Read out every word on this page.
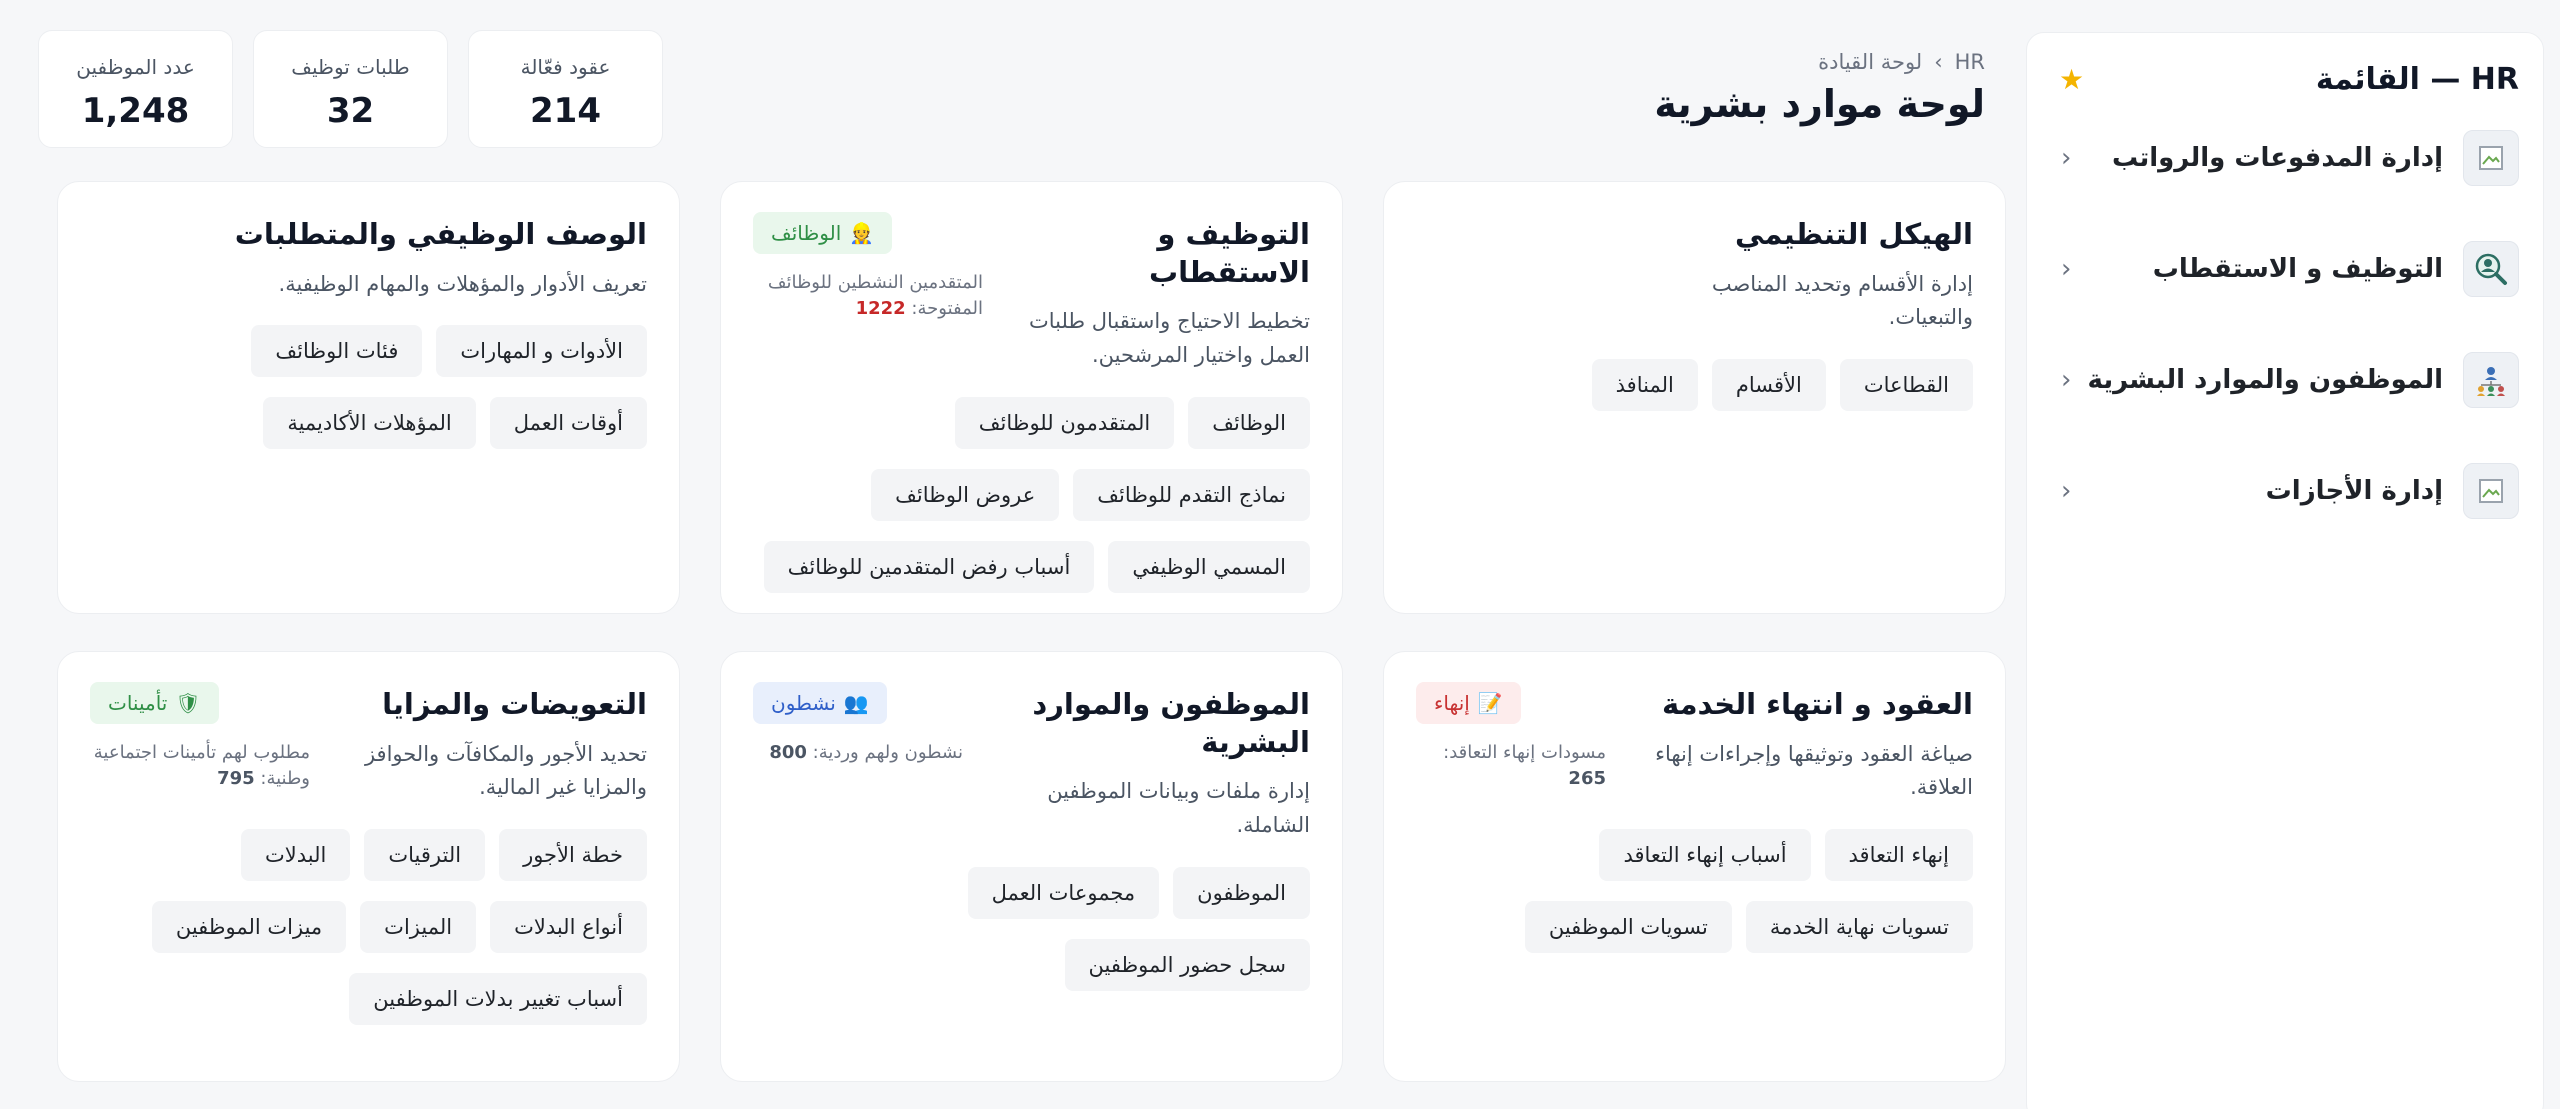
HR — القائمة
★
إدارة المدفوعات والرواتب
‹
التوظيف و الاستقطاب
‹
الموظفون والموارد البشرية
‹
إدارة الأجازات
‹
HR
›
لوحة القيادة
لوحة موارد بشرية
عدد الموظفين
1,248
طلبات توظيف
32
عقود فعّالة
214
الهيكل التنظيمي

إدارة الأقسام وتحديد المناصب والتبعيات.

القطاعات
الأقسام
المنافذ
التوظيف و الاستقطاب

تخطيط الاحتياج واستقبال طلبات العمل واختيار المرشحين.

👷
الوظائف
المتقدمين النشطين للوظائف المفتوحة: 1222
الوظائف
المتقدمون للوظائف
نماذج التقدم للوظائف
عروض الوظائف
المسمي الوظيفي
أسباب رفض المتقدمين للوظائف
الوصف الوظيفي والمتطلبات

تعريف الأدوار والمؤهلات والمهام الوظيفية.

الأدوات و المهارات
فئات الوظائف
أوقات العمل
المؤهلات الأكاديمية
العقود و انتهاء الخدمة

صياغة العقود وتوثيقها وإجراءات إنهاء العلاقة.

📝
إنهاء
مسودات إنهاء التعاقد: 265
إنهاء التعاقد
أسباب إنهاء التعاقد
تسويات نهاية الخدمة
تسويات الموظفين
الموظفون والموارد البشرية

إدارة ملفات وبيانات الموظفين الشاملة.

👥
نشطون
نشطون ولهم وردية: 800
الموظفون
مجموعات العمل
سجل حضور الموظفين
التعويضات والمزايا

تحديد الأجور والمكافآت والحوافز والمزايا غير المالية.

🛡
تأمينات
مطلوب لهم تأمينات اجتماعية وطنية: 795
خطة الأجور
الترقيات
البدلات
أنواع البدلات
الميزات
ميزات الموظفين
أسباب تغيير بدلات الموظفين
